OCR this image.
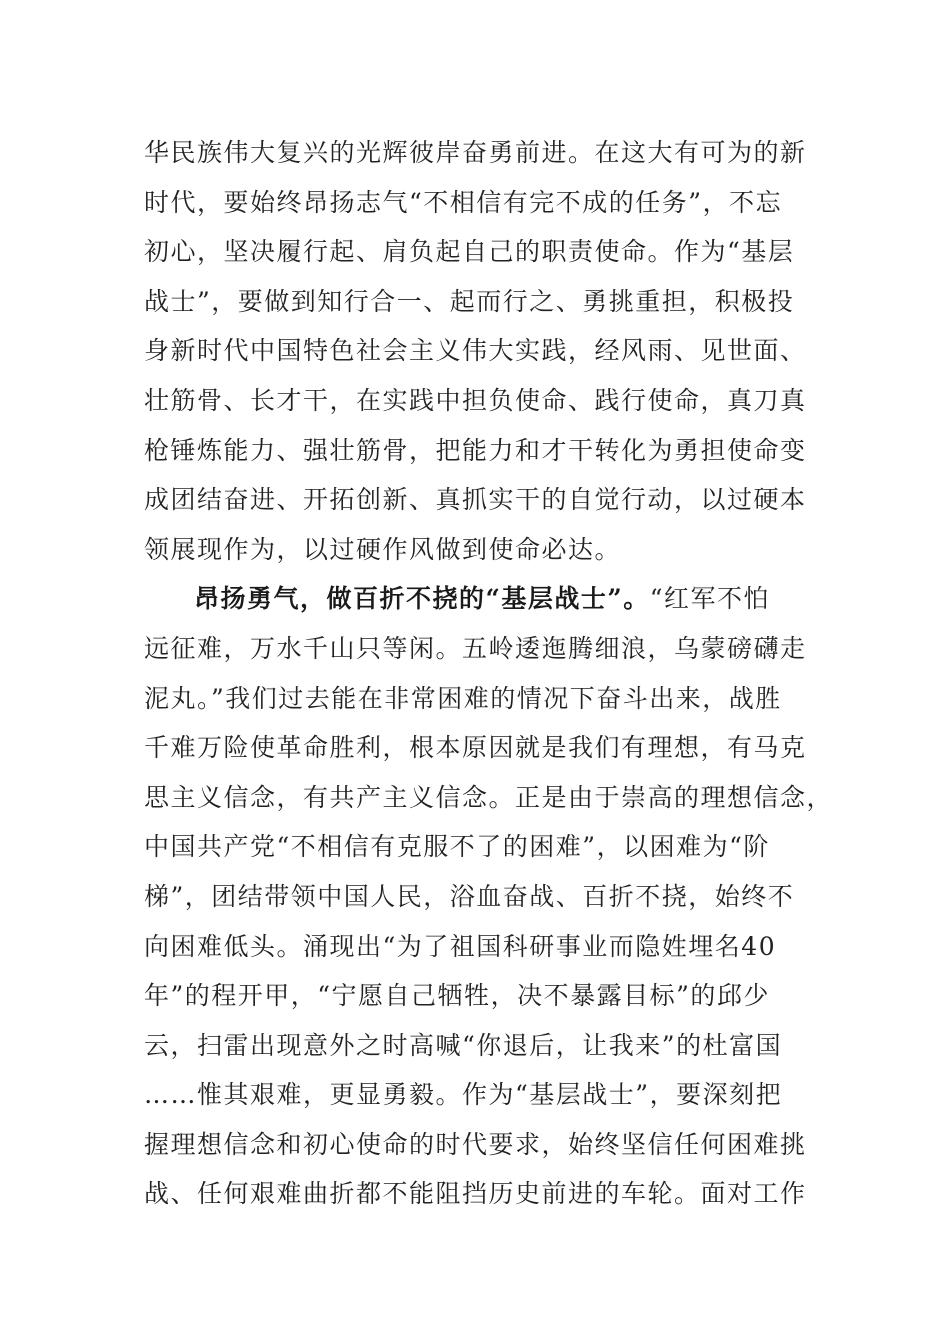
华民族伟大复兴的光辉彼岸奋勇前进。在这大有可为的新
时代，要始终昂扬志气“不相信有完不成的任务”，不忘
初心，坚决履行起、肩负起自己的职责使命。作为“基层
战士”，要做到知行合一、起而行之、勇挑重担，积极投
身新时代中国特色社会主义伟大实践，经风雨、见世面、
壮筋骨、长才干，在实践中担负使命、践行使命，真刀真
枪锤炼能力、强壮筋骨，把能力和才干转化为勇担使命变
成团结奋进、开拓创新、真抓实干的自觉行动，以过硬本
领展现作为，以过硬作风做到使命必达。
昂扬勇气，做百折不挠的“基层战士”。“红军不怕
远征难，万水千山只等闲。五岭逶迤腾细浪，乌蒙磅礴走
泥丸。”我们过去能在非常困难的情况下奋斗出来，战胜
千难万险使革命胜利，根本原因就是我们有理想，有马克
思主义信念，有共产主义信念。正是由于崇高的理想信念，
中国共产党“不相信有克服不了的困难”，以困难为“阶
梯”，团结带领中国人民，浴血奋战、百折不挠，始终不
向困难低头。涌现出“为了祖国科研事业而隐姓埋名40
年”的程开甲，“宁愿自己牺牲，决不暴露目标”的邱少
云，扫雷出现意外之时高喊“你退后，让我来”的杜富国
……惟其艰难，更显勇毅。作为“基层战士”，要深刻把
握理想信念和初心使命的时代要求，始终坚信任何困难挑
战、任何艰难曲折都不能阻挡历史前进的车轮。面对工作
